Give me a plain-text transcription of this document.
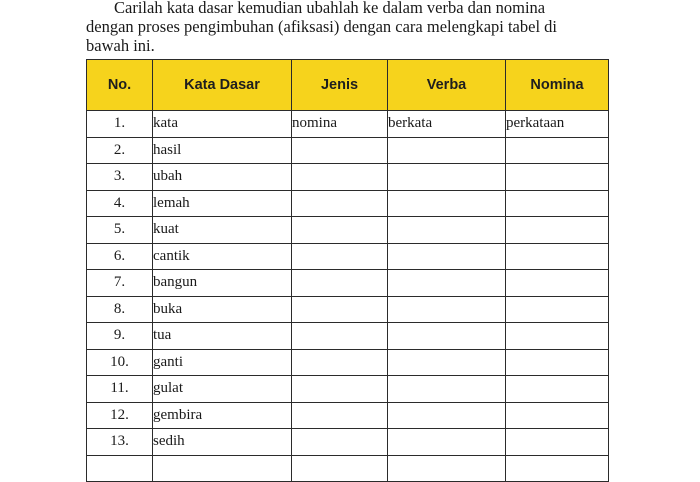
Carilah kata dasar kemudian ubahlah ke dalam verba dan nomina
dengan proses pengimbuhan (afiksasi) dengan cara melengkapi tabel di
bawah ini.

No.	Kata Dasar	Jenis	Verba	Nomina
1.	kata	nomina	berkata	perkataan
2.	hasil			
3.	ubah			
4.	lemah			
5.	kuat			
6.	cantik			
7.	bangun			
8.	buka			
9.	tua			
10.	ganti			
11.	gulat			
12.	gembira			
13.	sedih			
